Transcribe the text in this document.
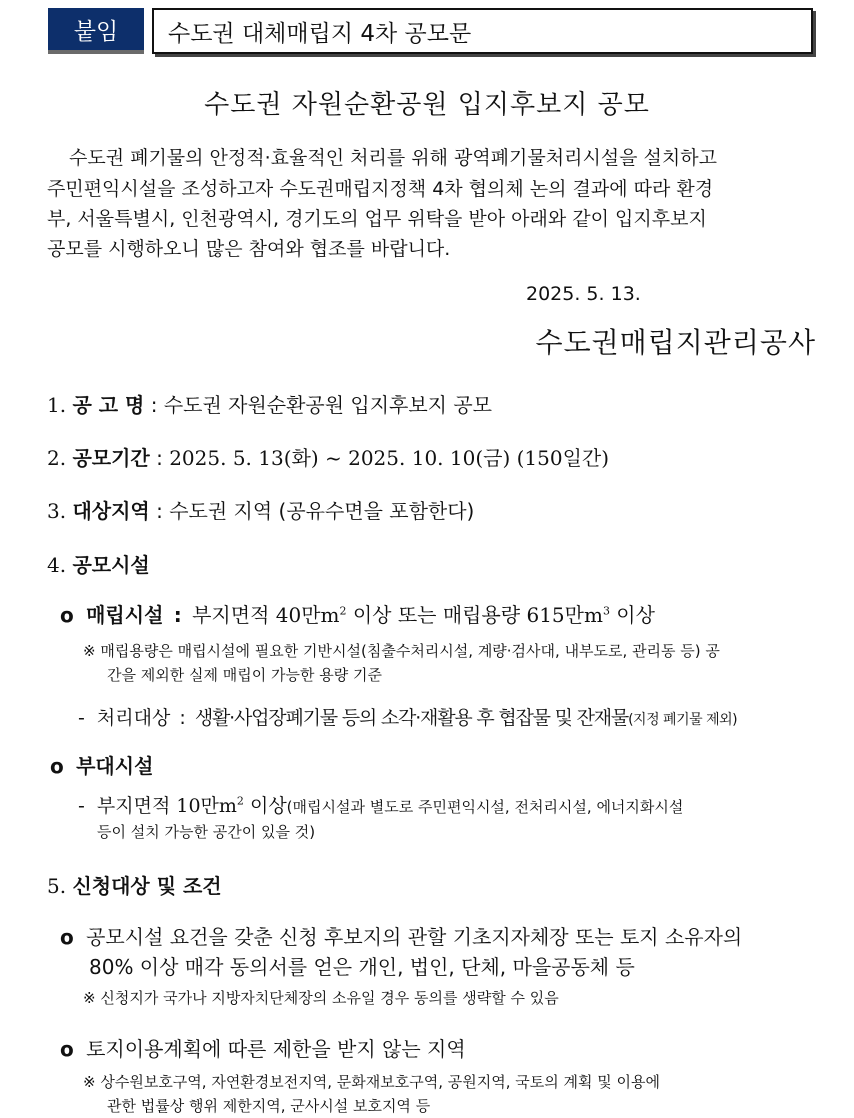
붙임	수도권 대체매립지 4차 공모문
수도권 자원순환공원 입지후보지 공모
수도권 폐기물의 안정적·효율적인 처리를 위해 광역폐기물처리시설을 설치하고
주민편익시설을 조성하고자 수도권매립지정책 4차 협의체 논의 결과에 따라 환경
부, 서울특별시, 인천광역시, 경기도의 업무 위탁을 받아 아래와 같이 입지후보지
공모를 시행하오니 많은 참여와 협조를 바랍니다.
2025. 5. 13.
수도권매립지관리공사
1. 공 고 명 : 수도권 자원순환공원 입지후보지 공모
2. 공모기간 : 2025. 5. 13(화) ~ 2025. 10. 10(금) (150일간)
3. 대상지역 : 수도권 지역 (공유수면을 포함한다)
4. 공모시설
ο 매립시설 : 부지면적 40만$m^2$ 이상 또는 매립용량 615만$m^3$ 이상
※ 매립용량은 매립시설에 필요한 기반시설(침출수처리시설, 계량·검사대, 내부도로, 관리동 등) 공
간을 제외한 실제 매립이 가능한 용량 기준
- 처리대상 : 생활·사업장폐기물 등의 소각·재활용 후 협잡물 및 잔재물(지정 폐기물 제외)
ο 부대시설
- 부지면적 10만$m^2$ 이상(매립시설과 별도로 주민편익시설, 전처리시설, 에너지화시설
등이 설치 가능한 공간이 있을 것)
5. 신청대상 및 조건
ο 공모시설 요건을 갖춘 신청 후보지의 관할 기초지자체장 또는 토지 소유자의
80% 이상 매각 동의서를 얻은 개인, 법인, 단체, 마을공동체 등
※ 신청지가 국가나 지방자치단체장의 소유일 경우 동의를 생략할 수 있음
ο 토지이용계획에 따른 제한을 받지 않는 지역
※ 상수원보호구역, 자연환경보전지역, 문화재보호구역, 공원지역, 국토의 계획 및 이용에
관한 법률상 행위 제한지역, 군사시설 보호지역 등
